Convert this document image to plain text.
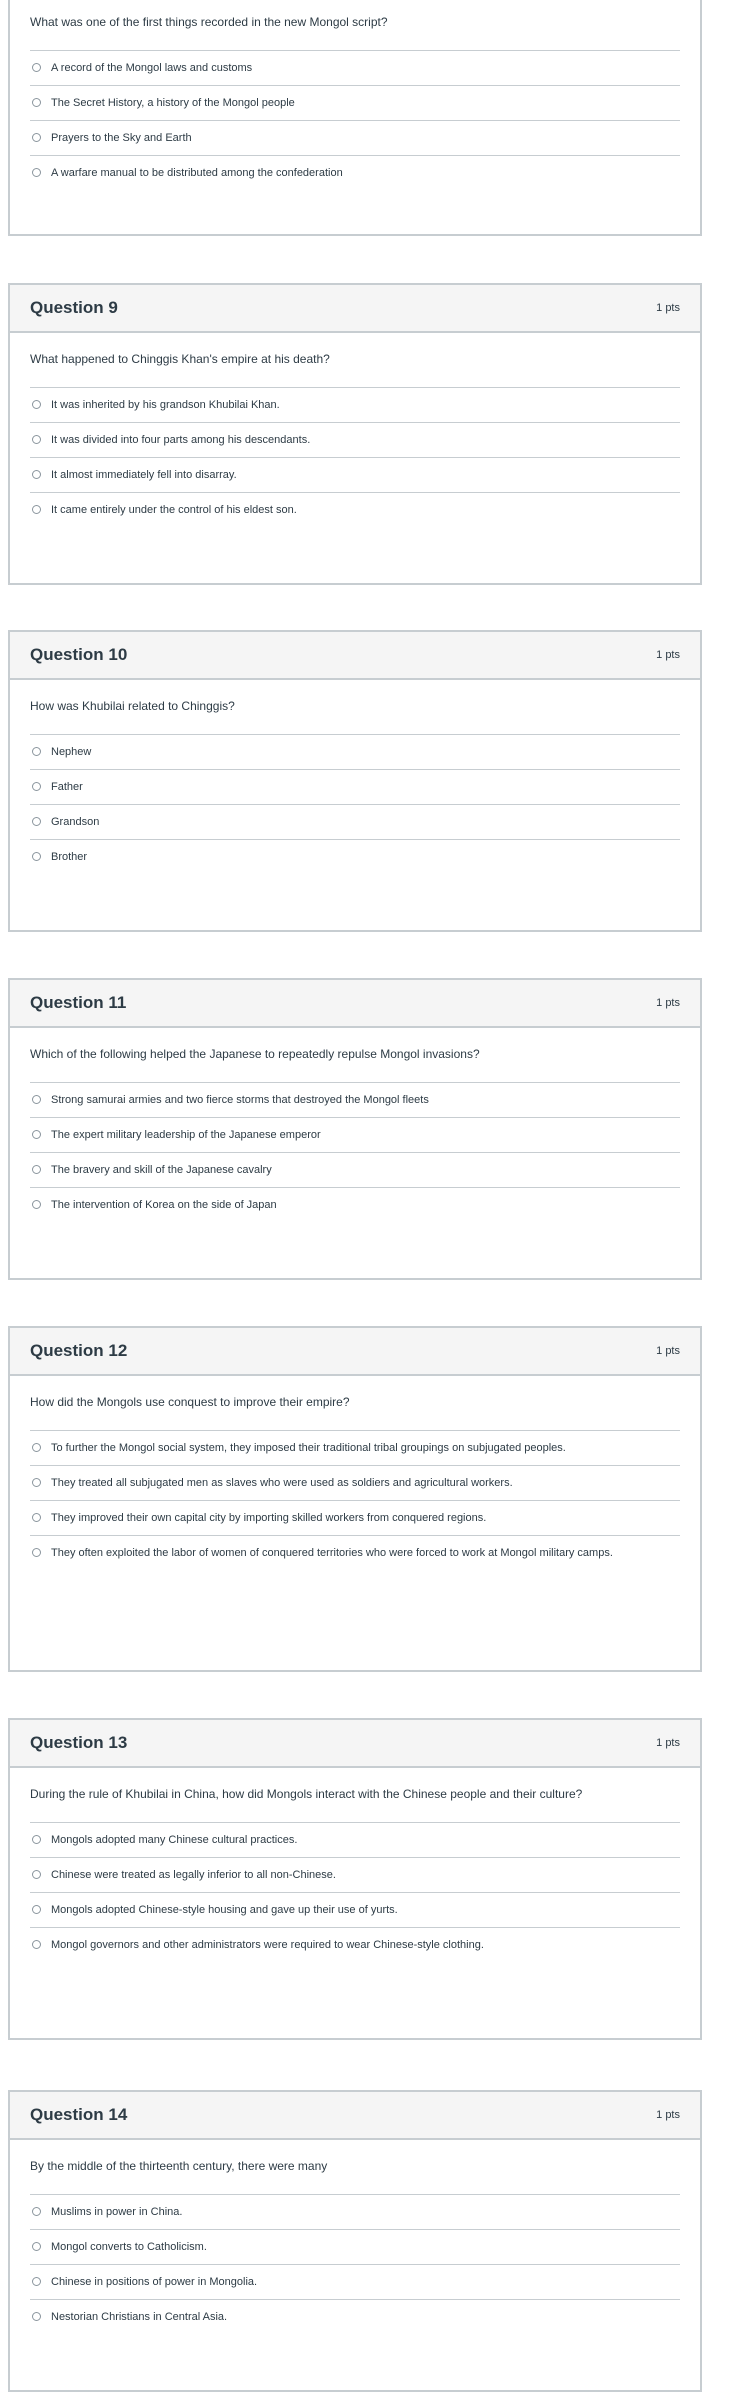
What was one of the first things recorded in the new Mongol script?

A record of the Mongol laws and customs
The Secret History, a history of the Mongol people
Prayers to the Sky and Earth
A warfare manual to be distributed among the confederation
Question 9	1 pts

What happened to Chinggis Khan's empire at his death?

It was inherited by his grandson Khubilai Khan.
It was divided into four parts among his descendants.
It almost immediately fell into disarray.
It came entirely under the control of his eldest son.
Question 10	1 pts

How was Khubilai related to Chinggis?

Nephew
Father
Grandson
Brother
Question 11	1 pts

Which of the following helped the Japanese to repeatedly repulse Mongol invasions?

Strong samurai armies and two fierce storms that destroyed the Mongol fleets
The expert military leadership of the Japanese emperor
The bravery and skill of the Japanese cavalry
The intervention of Korea on the side of Japan
Question 12	1 pts

How did the Mongols use conquest to improve their empire?

To further the Mongol social system, they imposed their traditional tribal groupings on subjugated peoples.
They treated all subjugated men as slaves who were used as soldiers and agricultural workers.
They improved their own capital city by importing skilled workers from conquered regions.
They often exploited the labor of women of conquered territories who were forced to work at Mongol military camps.
Question 13	1 pts

During the rule of Khubilai in China, how did Mongols interact with the Chinese people and their culture?

Mongols adopted many Chinese cultural practices.
Chinese were treated as legally inferior to all non-Chinese.
Mongols adopted Chinese-style housing and gave up their use of yurts.
Mongol governors and other administrators were required to wear Chinese-style clothing.
Question 14	1 pts

By the middle of the thirteenth century, there were many

Muslims in power in China.
Mongol converts to Catholicism.
Chinese in positions of power in Mongolia.
Nestorian Christians in Central Asia.
